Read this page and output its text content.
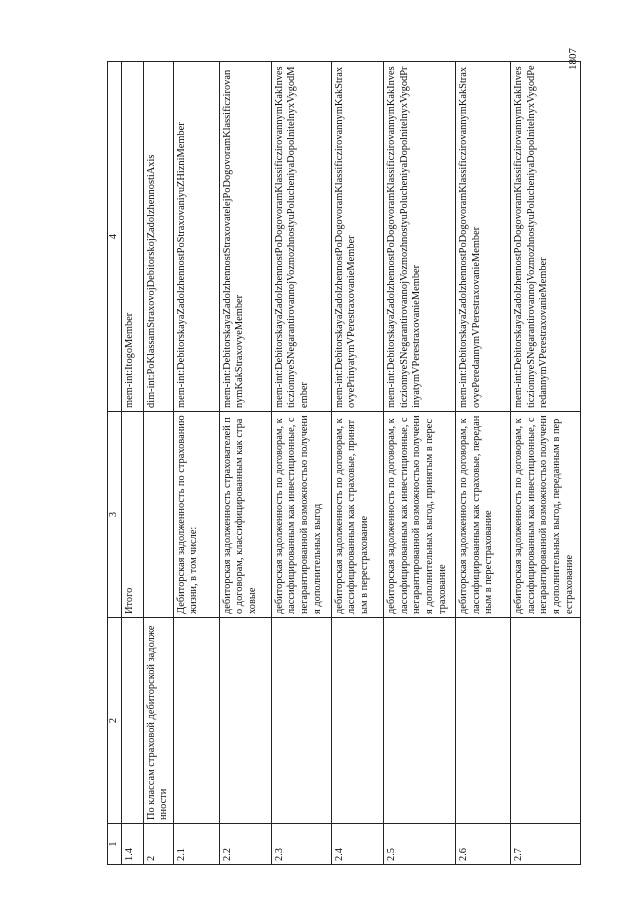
1	2	3	4
1.4		Итого	mem-int:ItogoMember
2	По классам страховой дебиторской задолженности		dim-int:PoKlassamStraxovojDebitorskojZadolzhennostiAxis
2.1		Дебиторская задолженность по страхованию жизни, в том числе:	mem-int:DebitorskayaZadolzhennostPoStraxovaniyuZHizniMember
2.2		дебиторская задолженность страхователей по договорам, классифицированным как страховые	mem-int:DebitorskayaZadolzhennostStraxovatelejPoDogovoramKlassificzirovannymKakStraxovyeMember
2.3		дебиторская задолженность по договорам, классифицированным как инвестиционные, с негарантированной возможностью получения дополнительных выгод	mem-int:DebitorskayaZadolzhennostPoDogovoramKlassificzirovannymKakInvesticzionnyeSNegarantirovannojVozmozhnostyuPolucheniyaDopolnitelnyxVygodMember
2.4		дебиторская задолженность по договорам, классифицированным как страховые, принятым в перестрахование	mem-int:DebitorskayaZadolzhennostPoDogovoramKlassificzirovannymKakStraxovyePrinyatymVPerestraxovanieMember
2.5		дебиторская задолженность по договорам, классифицированным как инвестиционные, с негарантированной возможностью получения дополнительных выгод, принятым в перестрахование	mem-int:DebitorskayaZadolzhennostPoDogovoramKlassificzirovannymKakInvesticzionnyeSNegarantirovannojVozmozhnostyuPolucheniyaDopolnitelnyxVygodPrinyatymVPerestraxovanieMember
2.6		дебиторская задолженность по договорам, классифицированным как страховые, переданным в перестрахование	mem-int:DebitorskayaZadolzhennostPoDogovoramKlassificzirovannymKakStraxovyePeredannymVPerestraxovanieMember
2.7		дебиторская задолженность по договорам, классифицированным как инвестиционные, с негарантированной возможностью получения дополнительных выгод, переданным в перестрахование	mem-int:DebitorskayaZadolzhennostPoDogovoramKlassificzirovannymKakInvesticzionnyeSNegarantirovannojVozmozhnostyuPolucheniyaDopolnitelnyxVygodPeredannymVPerestraxovanieMember
1807
